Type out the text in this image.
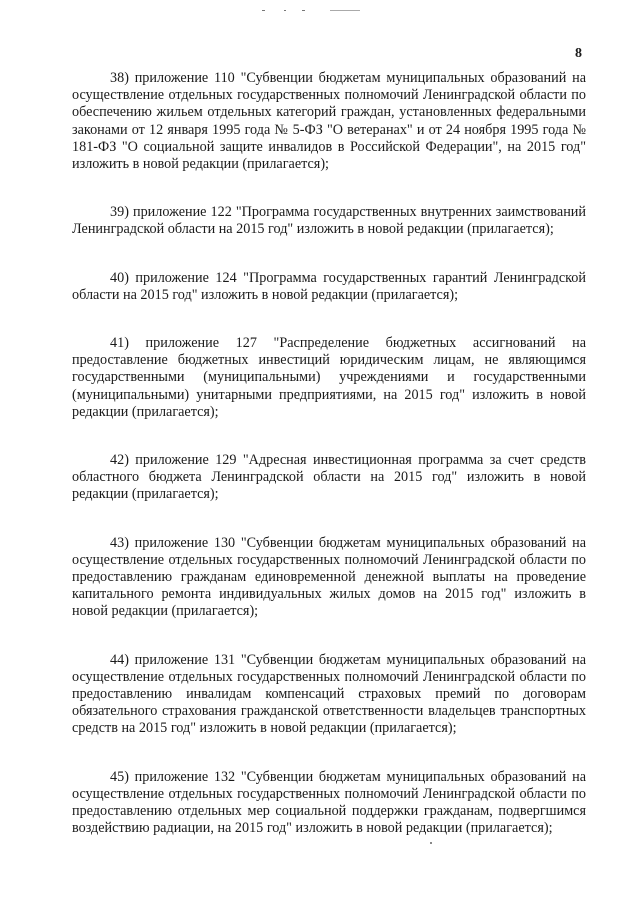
8

38) приложение 110 "Субвенции бюджетам муниципальных образований на осуществление отдельных государственных полномочий Ленинградской области по обеспечению жильем отдельных категорий граждан, установленных федеральными законами от 12 января 1995 года № 5-ФЗ "О ветеранах" и от 24 ноября 1995 года № 181-ФЗ "О социальной защите инвалидов в Российской Федерации", на 2015 год" изложить в новой редакции (прилагается);

39) приложение 122 "Программа государственных внутренних заимствований Ленинградской области на 2015 год" изложить в новой редакции (прилагается);

40) приложение 124 "Программа государственных гарантий Ленинградской области на 2015 год" изложить в новой редакции (прилагается);

41) приложение 127 "Распределение бюджетных ассигнований на предоставление бюджетных инвестиций юридическим лицам, не являющимся государственными (муниципальными) учреждениями и государственными (муниципальными) унитарными предприятиями, на 2015 год" изложить в новой редакции (прилагается);

42) приложение 129 "Адресная инвестиционная программа за счет средств областного бюджета Ленинградской области на 2015 год" изложить в новой редакции (прилагается);

43) приложение 130 "Субвенции бюджетам муниципальных образований на осуществление отдельных государственных полномочий Ленинградской области по предоставлению гражданам единовременной денежной выплаты на проведение капитального ремонта индивидуальных жилых домов на 2015 год" изложить в новой редакции (прилагается);

44) приложение 131 "Субвенции бюджетам муниципальных образований на осуществление отдельных государственных полномочий Ленинградской области по предоставлению инвалидам компенсаций страховых премий по договорам обязательного страхования гражданской ответственности владельцев транспортных средств на 2015 год" изложить в новой редакции (прилагается);

45) приложение 132 "Субвенции бюджетам муниципальных образований на осуществление отдельных государственных полномочий Ленинградской области по предоставлению отдельных мер социальной поддержки гражданам, подвергшимся воздействию радиации, на 2015 год" изложить в новой редакции (прилагается);
